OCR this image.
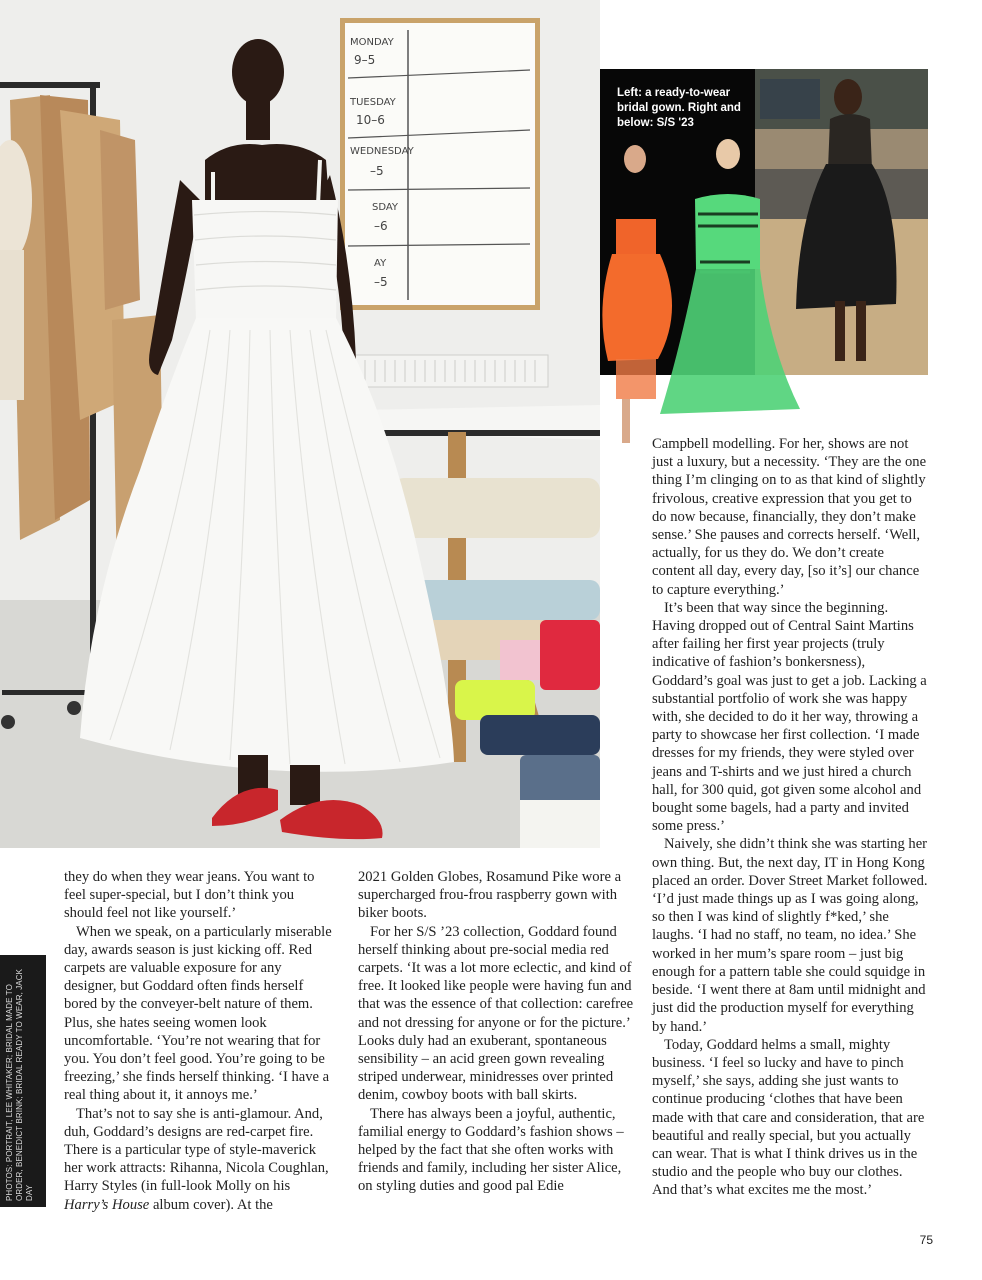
MONDAY
9–5
TUESDAY
10–6
WEDNESDAY
–5
SDAY
–6
AY
–5

Left: a ready-to-wear bridal gown. Right and below: S/S '23

PHOTOS: PORTRAIT, LEE WHITAKER; BRIDAL MADE TO ORDER, BENEDICT BRINK; BRIDAL READY TO WEAR, JACK DAY

they do when they wear jeans. You want to feel super-special, but I don’t think you should feel not like yourself.’

When we speak, on a particularly miserable day, awards season is just kicking off. Red carpets are valuable exposure for any designer, but Goddard often finds herself bored by the conveyer-belt nature of them. Plus, she hates seeing women look uncomfortable. ‘You’re not wearing that for you. You don’t feel good. You’re going to be freezing,’ she finds herself thinking. ‘I have a real thing about it, it annoys me.’

That’s not to say she is anti-glamour. And, duh, Goddard’s designs are red-carpet fire. There is a particular type of style-maverick her work attracts: Rihanna, Nicola Coughlan, Harry Styles (in full-look Molly on his Harry’s House album cover). At the

2021 Golden Globes, Rosamund Pike wore a supercharged frou-frou raspberry gown with biker boots.

For her S/S ’23 collection, Goddard found herself thinking about pre-social media red carpets. ‘It was a lot more eclectic, and kind of free. It looked like people were having fun and that was the essence of that collection: carefree and not dressing for anyone or for the picture.’ Looks duly had an exuberant, spontaneous sensibility – an acid green gown revealing striped underwear, minidresses over printed denim, cowboy boots with ball skirts.

There has always been a joyful, authentic, familial energy to Goddard’s fashion shows – helped by the fact that she often works with friends and family, including her sister Alice, on styling duties and good pal Edie

Campbell modelling. For her, shows are not just a luxury, but a necessity. ‘They are the one thing I’m clinging on to as that kind of slightly frivolous, creative expression that you get to do now because, financially, they don’t make sense.’ She pauses and corrects herself. ‘Well, actually, for us they do. We don’t create content all day, every day, [so it’s] our chance to capture everything.’

It’s been that way since the beginning. Having dropped out of Central Saint Martins after failing her first year projects (truly indicative of fashion’s bonkersness), Goddard’s goal was just to get a job. Lacking a substantial portfolio of work she was happy with, she decided to do it her way, throwing a party to showcase her first collection. ‘I made dresses for my friends, they were styled over jeans and T-shirts and we just hired a church hall, for 300 quid, got given some alcohol and bought some bagels, had a party and invited some press.’

Naively, she didn’t think she was starting her own thing. But, the next day, IT in Hong Kong placed an order. Dover Street Market followed. ‘I’d just made things up as I was going along, so then I was kind of slightly f*ked,’ she laughs. ‘I had no staff, no team, no idea.’ She worked in her mum’s spare room – just big enough for a pattern table she could squidge in beside. ‘I went there at 8am until midnight and just did the production myself for everything by hand.’

Today, Goddard helms a small, mighty business. ‘I feel so lucky and have to pinch myself,’ she says, adding she just wants to continue producing ‘clothes that have been made with that care and consideration, that are beautiful and really special, but you actually can wear. That is what I think drives us in the studio and the people who buy our clothes. And that’s what excites me the most.’

75
